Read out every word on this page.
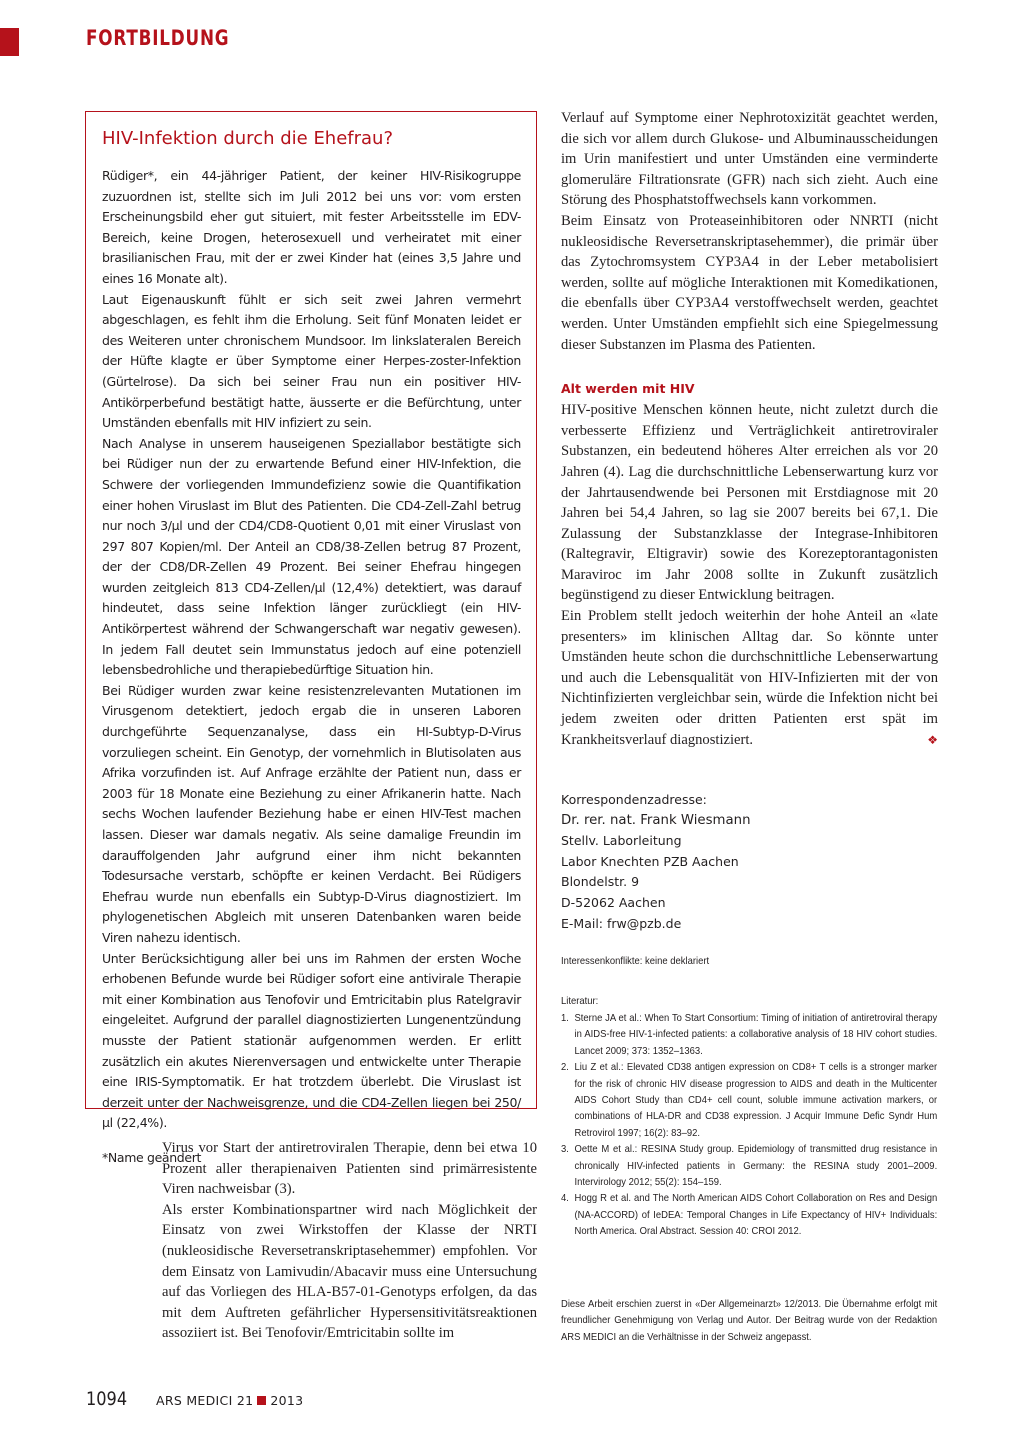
FORTBILDUNG
HIV-Infektion durch die Ehefrau?

Rüdiger*, ein 44-jähriger Patient, der keiner HIV-Risikogruppe zuzuordnen ist, stellte sich im Juli 2012 bei uns vor: vom ersten Erscheinungsbild eher gut situiert, mit fester Arbeitsstelle im EDV-Bereich, keine Drogen, heterosexuell und verheiratet mit einer brasilianischen Frau, mit der er zwei Kinder hat (eines 3,5 Jahre und eines 16 Monate alt).

Laut Eigenauskunft fühlt er sich seit zwei Jahren vermehrt abgeschlagen, es fehlt ihm die Erholung. Seit fünf Monaten leidet er des Weiteren unter chronischem Mundsoor. Im linkslateralen Bereich der Hüfte klagte er über Symptome einer Herpes-zoster-Infektion (Gürtelrose). Da sich bei seiner Frau nun ein positiver HIV-Antikörperbefund bestätigt hatte, äusserte er die Befürchtung, unter Umständen ebenfalls mit HIV infiziert zu sein.

Nach Analyse in unserem hauseigenen Speziallabor bestätigte sich bei Rüdiger nun der zu erwartende Befund einer HIV-Infektion, die Schwere der vorliegenden Immundefizienz sowie die Quantifikation einer hohen Viruslast im Blut des Patienten. Die CD4-Zell-Zahl betrug nur noch 3/µl und der CD4/CD8-Quotient 0,01 mit einer Viruslast von 297 807 Kopien/ml. Der Anteil an CD8/38-Zellen betrug 87 Prozent, der der CD8/DR-Zellen 49 Prozent. Bei seiner Ehefrau hingegen wurden zeitgleich 813 CD4-Zellen/µl (12,4%) detektiert, was darauf hindeutet, dass seine Infektion länger zurückliegt (ein HIV-Antikörpertest während der Schwangerschaft war negativ gewesen). In jedem Fall deutet sein Immunstatus jedoch auf eine potenziell lebensbedrohliche und therapiebedürftige Situation hin.

Bei Rüdiger wurden zwar keine resistenzrelevanten Mutationen im Virusgenom detektiert, jedoch ergab die in unseren Laboren durchgeführte Sequenzanalyse, dass ein HI-Subtyp-D-Virus vorzuliegen scheint. Ein Genotyp, der vornehmlich in Blutisolaten aus Afrika vorzufinden ist. Auf Anfrage erzählte der Patient nun, dass er 2003 für 18 Monate eine Beziehung zu einer Afrikanerin hatte. Nach sechs Wochen laufender Beziehung habe er einen HIV-Test machen lassen. Dieser war damals negativ. Als seine damalige Freundin im darauffolgenden Jahr aufgrund einer ihm nicht bekannten Todesursache verstarb, schöpfte er keinen Verdacht. Bei Rüdigers Ehefrau wurde nun ebenfalls ein Subtyp-D-Virus diagnostiziert. Im phylogenetischen Abgleich mit unseren Datenbanken waren beide Viren nahezu identisch.

Unter Berücksichtigung aller bei uns im Rahmen der ersten Woche erhobenen Befunde wurde bei Rüdiger sofort eine antivirale Therapie mit einer Kombination aus Tenofovir und Emtricitabin plus Ratelgravir eingeleitet. Aufgrund der parallel diagnostizierten Lungenentzündung musste der Patient stationär aufgenommen werden. Er erlitt zusätzlich ein akutes Nierenversagen und entwickelte unter Therapie eine IRIS-Symptomatik. Er hat trotzdem überlebt. Die Viruslast ist derzeit unter der Nachweisgrenze, und die CD4-Zellen liegen bei 250/µl (22,4%).

*Name geändert

Verlauf auf Symptome einer Nephrotoxizität geachtet werden, die sich vor allem durch Glukose- und Albuminausscheidungen im Urin manifestiert und unter Umständen eine verminderte glomeruläre Filtrationsrate (GFR) nach sich zieht. Auch eine Störung des Phosphatstoffwechsels kann vorkommen.

Beim Einsatz von Proteaseinhibitoren oder NNRTI (nicht nukleosidische Reversetranskriptasehemmer), die primär über das Zytochromsystem CYP3A4 in der Leber metabolisiert werden, sollte auf mögliche Interaktionen mit Komedikationen, die ebenfalls über CYP3A4 verstoffwechselt werden, geachtet werden. Unter Umständen empfiehlt sich eine Spiegelmessung dieser Substanzen im Plasma des Patienten.

Alt werden mit HIV

HIV-positive Menschen können heute, nicht zuletzt durch die verbesserte Effizienz und Verträglichkeit antiretroviraler Substanzen, ein bedeutend höheres Alter erreichen als vor 20 Jahren (4). Lag die durchschnittliche Lebenserwartung kurz vor der Jahrtausendwende bei Personen mit Erstdiagnose mit 20 Jahren bei 54,4 Jahren, so lag sie 2007 bereits bei 67,1. Die Zulassung der Substanzklasse der Integrase-Inhibitoren (Raltegravir, Eltigravir) sowie des Korezeptorantagonisten Maraviroc im Jahr 2008 sollte in Zukunft zusätzlich begünstigend zu dieser Entwicklung beitragen.

Ein Problem stellt jedoch weiterhin der hohe Anteil an «late presenters» im klinischen Alltag dar. So könnte unter Umständen heute schon die durchschnittliche Lebenserwartung und auch die Lebensqualität von HIV-Infizierten mit der von Nichtinfizierten vergleichbar sein, würde die Infektion nicht bei jedem zweiten oder dritten Patienten erst spät im Krankheitsverlauf diagnostiziert.	❖

Korrespondenzadresse:
Dr. rer. nat. Frank Wiesmann
Stellv. Laborleitung
Labor Knechten PZB Aachen
Blondelstr. 9
D-52062 Aachen
E-Mail: frw@pzb.de
Interessenkonflikte: keine deklariert
Literatur:
1. Sterne JA et al.: When To Start Consortium: Timing of initiation of antiretroviral therapy in AIDS-free HIV-1-infected patients: a collaborative analysis of 18 HIV cohort studies. Lancet 2009; 373: 1352–1363.
2. Liu Z et al.: Elevated CD38 antigen expression on CD8+ T cells is a stronger marker for the risk of chronic HIV disease progression to AIDS and death in the Multicenter AIDS Cohort Study than CD4+ cell count, soluble immune activation markers, or combinations of HLA-DR and CD38 expression. J Acquir Immune Defic Syndr Hum Retrovirol 1997; 16(2): 83–92.
3. Oette M et al.: RESINA Study group. Epidemiology of transmitted drug resistance in chronically HIV-infected patients in Germany: the RESINA study 2001–2009. Intervirology 2012; 55(2): 154–159.
4. Hogg R et al. and The North American AIDS Cohort Collaboration on Res and Design (NA-ACCORD) of IeDEA: Temporal Changes in Life Expectancy of HIV+ Individuals: North America. Oral Abstract. Session 40: CROI 2012.
Diese Arbeit erschien zuerst in «Der Allgemeinarzt» 12/2013. Die Übernahme erfolgt mit freundlicher Genehmigung von Verlag und Autor. Der Beitrag wurde von der Redaktion ARS MEDICI an die Verhältnisse in der Schweiz angepasst.

Virus vor Start der antiretroviralen Therapie, denn bei etwa 10 Prozent aller therapienaiven Patienten sind primärresistente Viren nachweisbar (3).

Als erster Kombinationspartner wird nach Möglichkeit der Einsatz von zwei Wirkstoffen der Klasse der NRTI (nukleosidische Reversetranskriptasehemmer) empfohlen. Vor dem Einsatz von Lamivudin/Abacavir muss eine Untersuchung auf das Vorliegen des HLA-B57-01-Genotyps erfolgen, da das mit dem Auftreten gefährlicher Hypersensitivitätsreaktionen assoziiert ist. Bei Tenofovir/Emtricitabin sollte im

1094	ARS MEDICI 21 2013
